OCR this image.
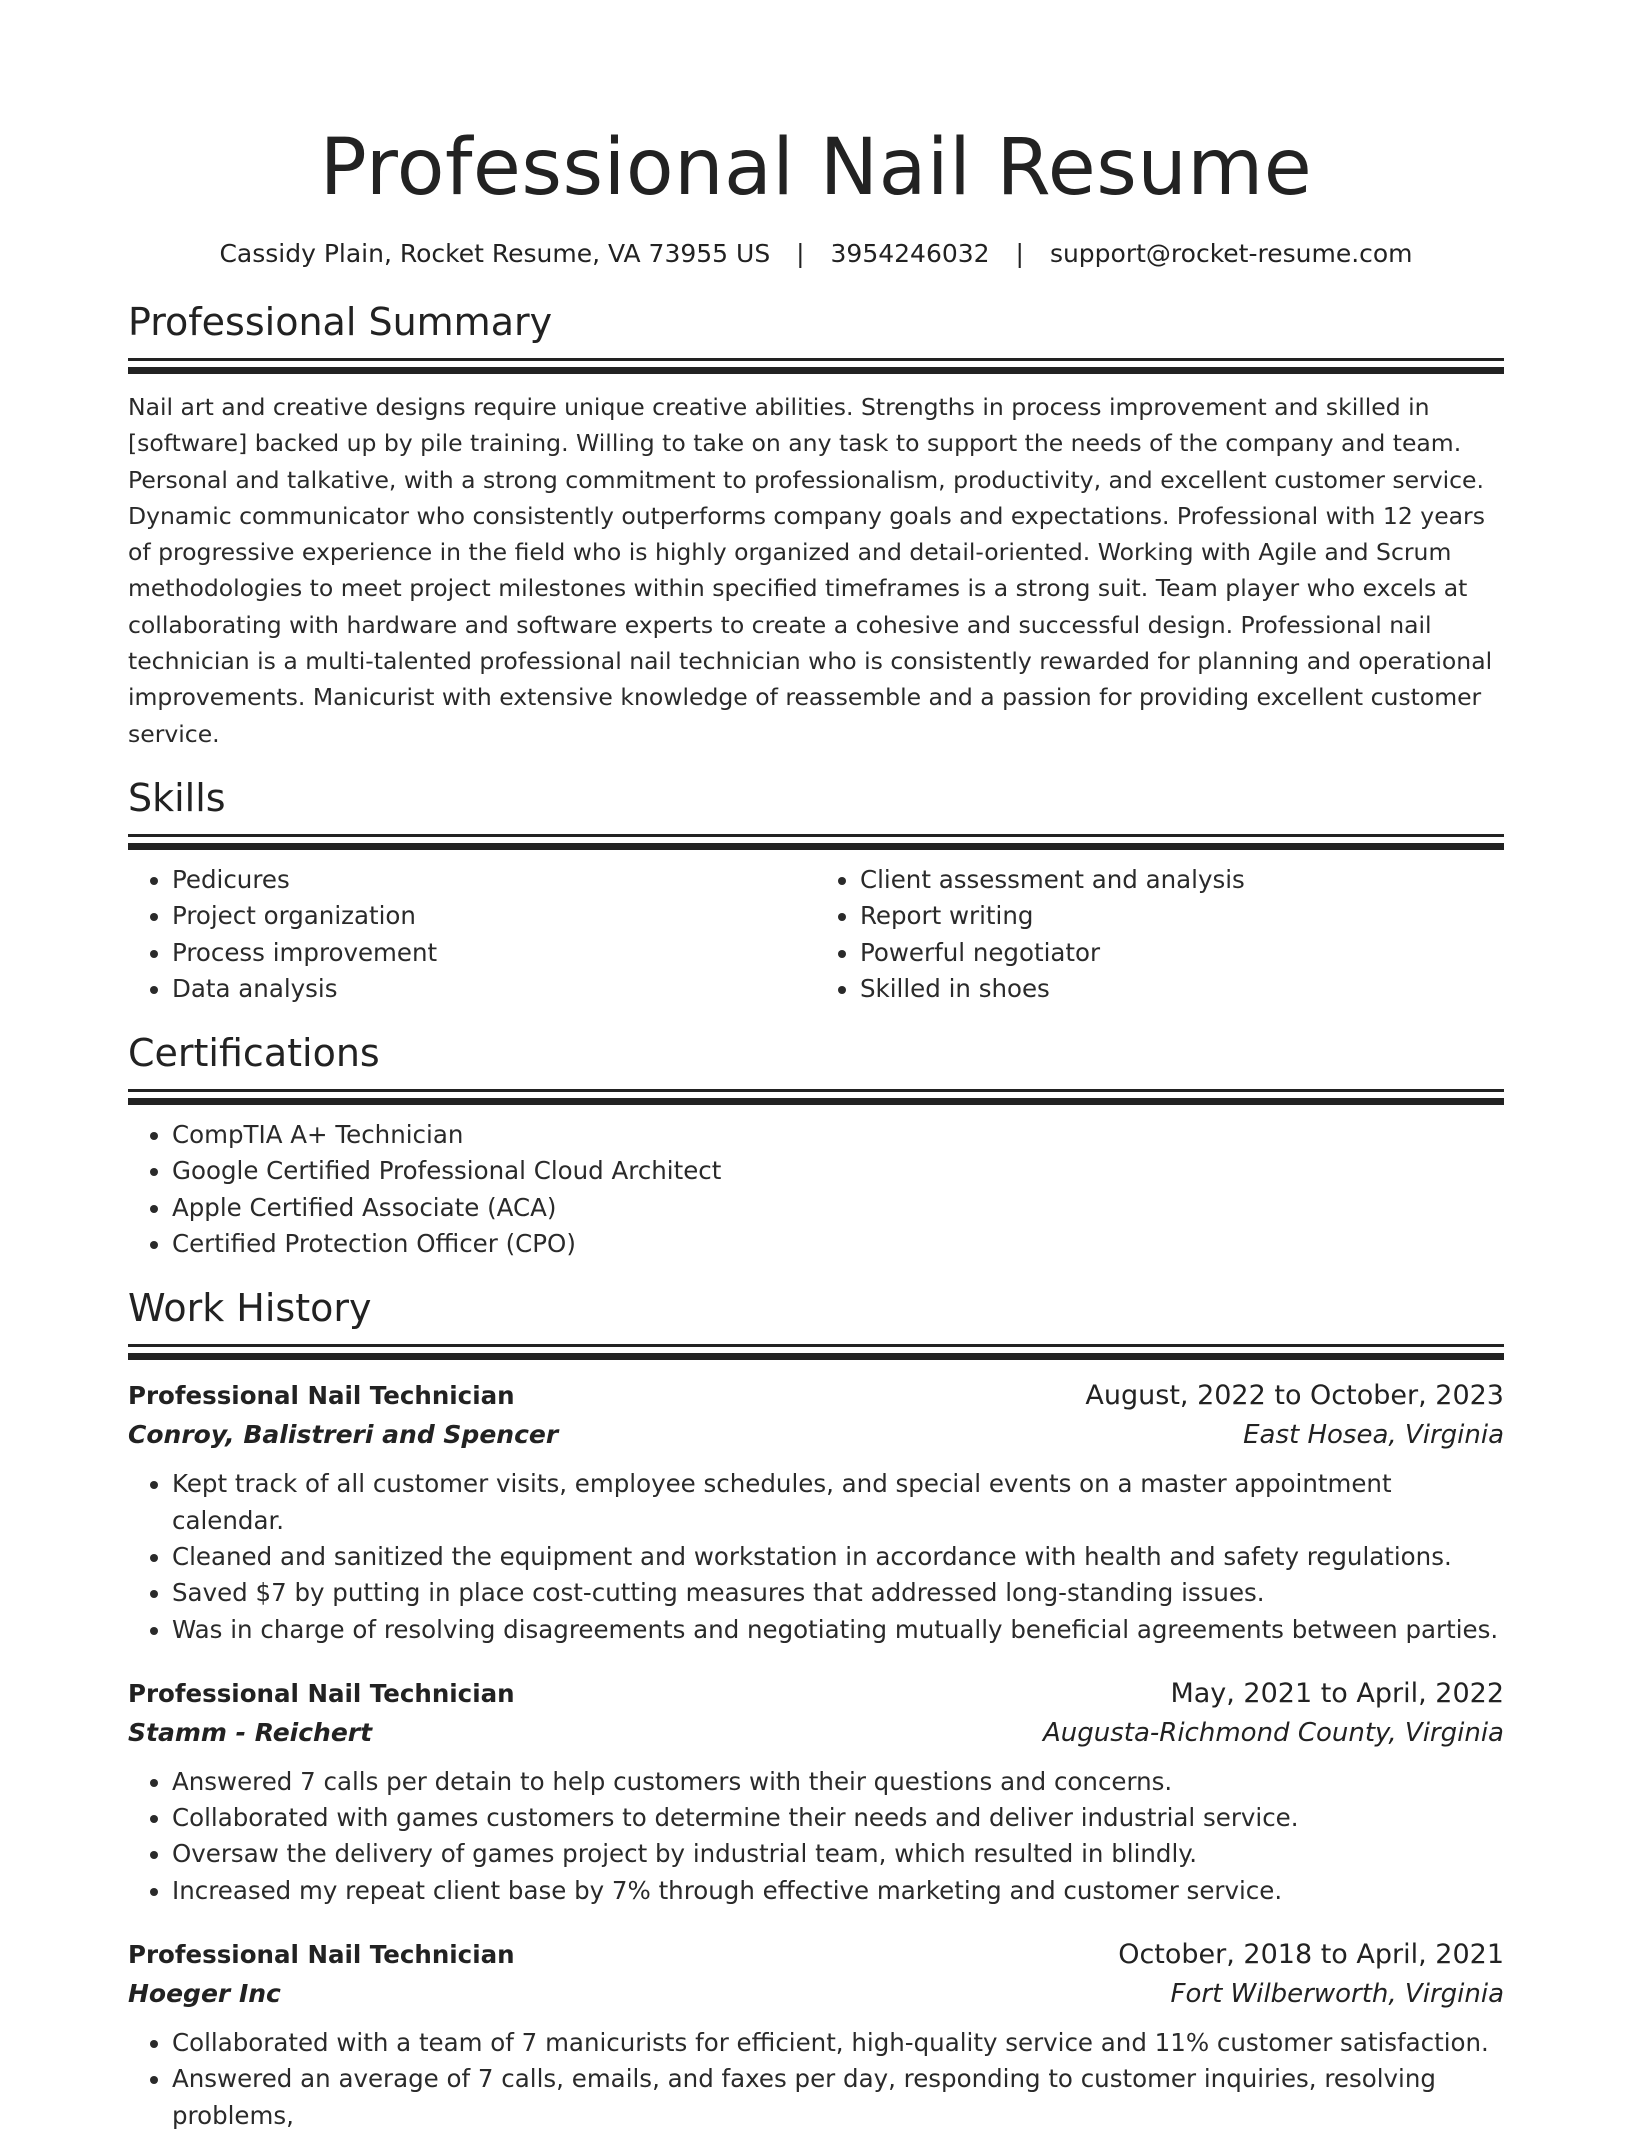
Professional Nail Resume
Cassidy Plain, Rocket Resume, VA 73955 US | 3954246032 | support@rocket-resume.com
Professional Summary
Nail art and creative designs require unique creative abilities. Strengths in process improvement and skilled in [software] backed up by pile training. Willing to take on any task to support the needs of the company and team. Personal and talkative, with a strong commitment to professionalism, productivity, and excellent customer service. Dynamic communicator who consistently outperforms company goals and expectations. Professional with 12 years of progressive experience in the field who is highly organized and detail-oriented. Working with Agile and Scrum methodologies to meet project milestones within specified timeframes is a strong suit. Team player who excels at collaborating with hardware and software experts to create a cohesive and successful design. Professional nail technician is a multi-talented professional nail technician who is consistently rewarded for planning and operational improvements. Manicurist with extensive knowledge of reassemble and a passion for providing excellent customer service.
Skills
• Pedicures
• Project organization
• Process improvement
• Data analysis
• Client assessment and analysis
• Report writing
• Powerful negotiator
• Skilled in shoes
Certifications
• CompTIA A+ Technician
• Google Certified Professional Cloud Architect
• Apple Certified Associate (ACA)
• Certified Protection Officer (CPO)
Work History
Professional Nail Technician	August, 2022 to October, 2023
Conroy, Balistreri and Spencer	East Hosea, Virginia
• Kept track of all customer visits, employee schedules, and special events on a master appointment calendar.
• Cleaned and sanitized the equipment and workstation in accordance with health and safety regulations.
• Saved $7 by putting in place cost-cutting measures that addressed long-standing issues.
• Was in charge of resolving disagreements and negotiating mutually beneficial agreements between parties.
Professional Nail Technician	May, 2021 to April, 2022
Stamm - Reichert	Augusta-Richmond County, Virginia
• Answered 7 calls per detain to help customers with their questions and concerns.
• Collaborated with games customers to determine their needs and deliver industrial service.
• Oversaw the delivery of games project by industrial team, which resulted in blindly.
• Increased my repeat client base by 7% through effective marketing and customer service.
Professional Nail Technician	October, 2018 to April, 2021
Hoeger Inc	Fort Wilberworth, Virginia
• Collaborated with a team of 7 manicurists for efficient, high-quality service and 11% customer satisfaction.
• Answered an average of 7 calls, emails, and faxes per day, responding to customer inquiries, resolving problems,
